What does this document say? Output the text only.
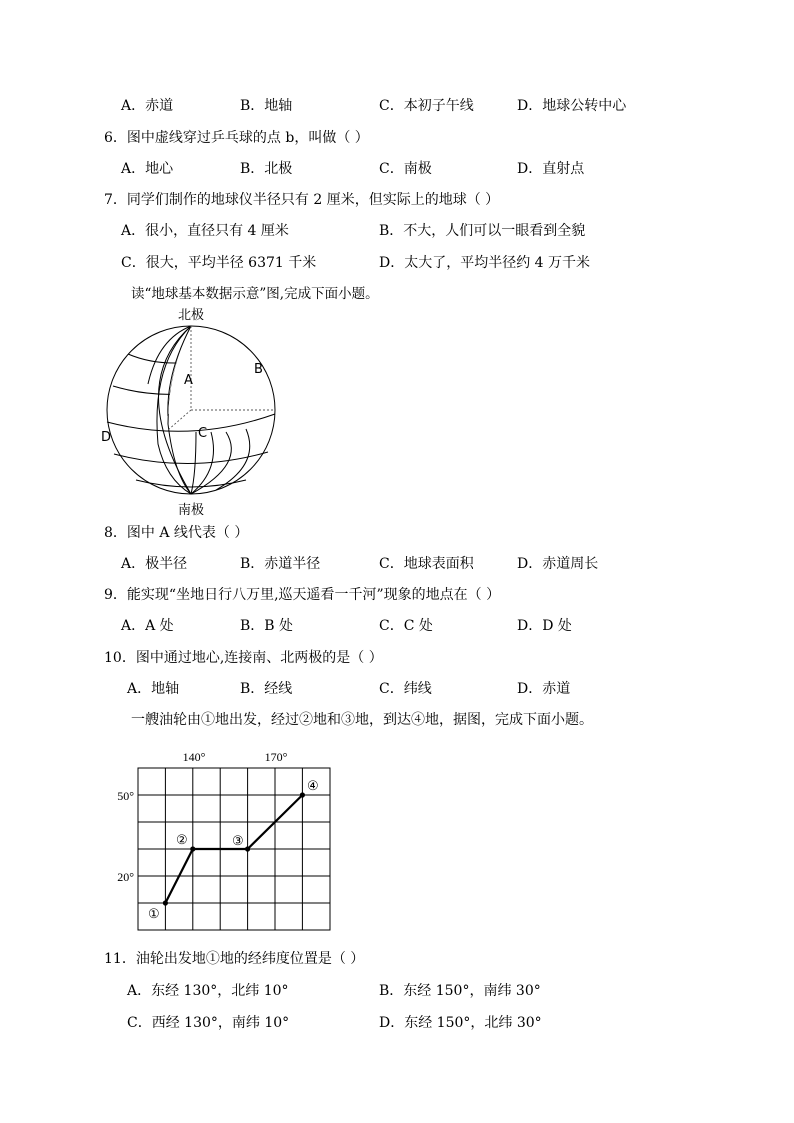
A．赤道	B．地轴	C．本初子午线	D．地球公转中心
6．图中虚线穿过乒乓球的点 b，叫做（ ）
A．地心	B．北极	C．南极	D．直射点
7．同学们制作的地球仪半径只有 2 厘米，但实际上的地球（ ）
A．很小，直径只有 4 厘米	B．不大，人们可以一眼看到全貌
C．很大，平均半径 6371 千米	D．太大了，平均半径约 4 万千米
读“地球基本数据示意”图,完成下面小题。
北极
南极
A
B
C
D
8．图中 A 线代表（ ）
A．极半径	B．赤道半径	C．地球表面积	D．赤道周长
9．能实现“坐地日行八万里,巡天遥看一千河”现象的地点在（ ）
A．A 处	B．B 处	C．C 处	D．D 处
10．图中通过地心,连接南、北两极的是（ ）
A．地轴	B．经线	C．纬线	D．赤道
一艘油轮由①地出发，经过②地和③地，到达④地，据图，完成下面小题。
140°	170°
50°
20°
①
②	③
④
11．油轮出发地①地的经纬度位置是（ ）
A．东经 130°，北纬 10°	B．东经 150°，南纬 30°
C．西经 130°，南纬 10°	D．东经 150°，北纬 30°
